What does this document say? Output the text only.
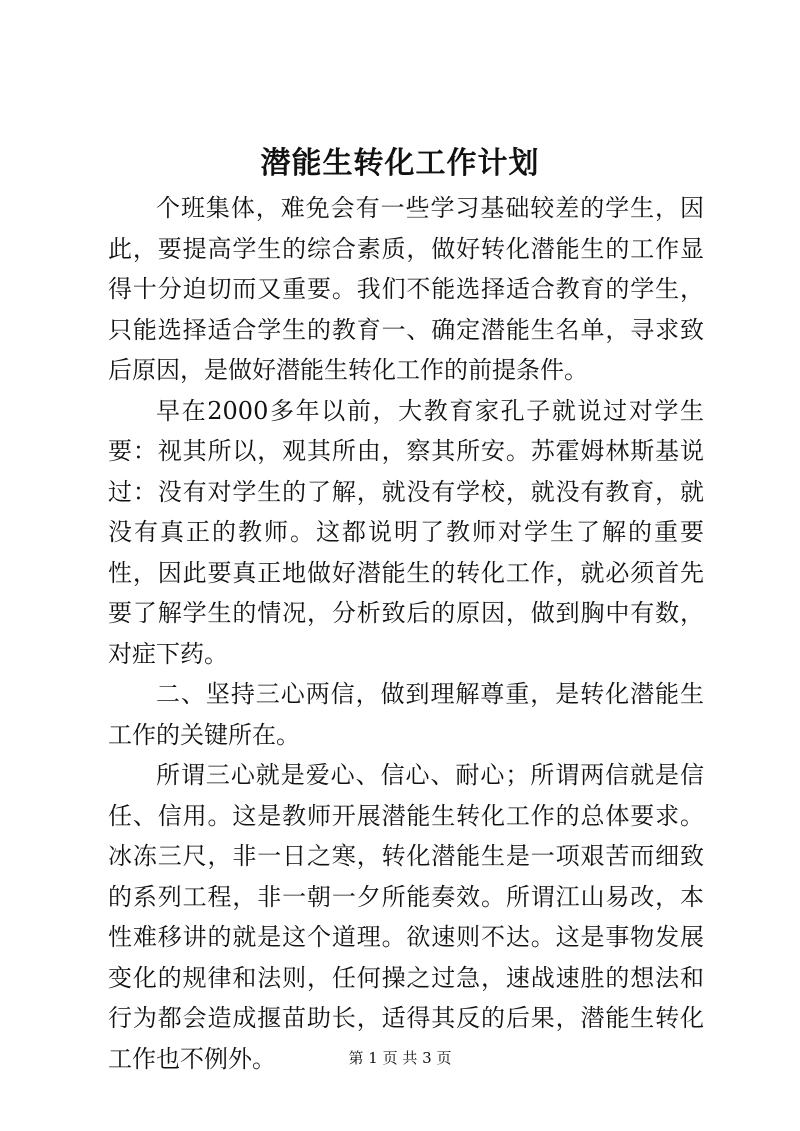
潜能生转化工作计划

个班集体，难免会有一些学习基础较差的学生，因此，要提高学生的综合素质，做好转化潜能生的工作显得十分迫切而又重要。我们不能选择适合教育的学生，只能选择适合学生的教育一、确定潜能生名单，寻求致后原因，是做好潜能生转化工作的前提条件。

早在2000多年以前，大教育家孔子就说过对学生要：视其所以，观其所由，察其所安。苏霍姆林斯基说过：没有对学生的了解，就没有学校，就没有教育，就没有真正的教师。这都说明了教师对学生了解的重要性，因此要真正地做好潜能生的转化工作，就必须首先要了解学生的情况，分析致后的原因，做到胸中有数，对症下药。

二、坚持三心两信，做到理解尊重，是转化潜能生工作的关键所在。

所谓三心就是爱心、信心、耐心；所谓两信就是信任、信用。这是教师开展潜能生转化工作的总体要求。冰冻三尺，非一日之寒，转化潜能生是一项艰苦而细致的系列工程，非一朝一夕所能奏效。所谓江山易改，本性难移讲的就是这个道理。欲速则不达。这是事物发展变化的规律和法则，任何操之过急，速战速胜的想法和行为都会造成揠苗助长，适得其反的后果，潜能生转化工作也不例外。	第 1 页 共 3 页
